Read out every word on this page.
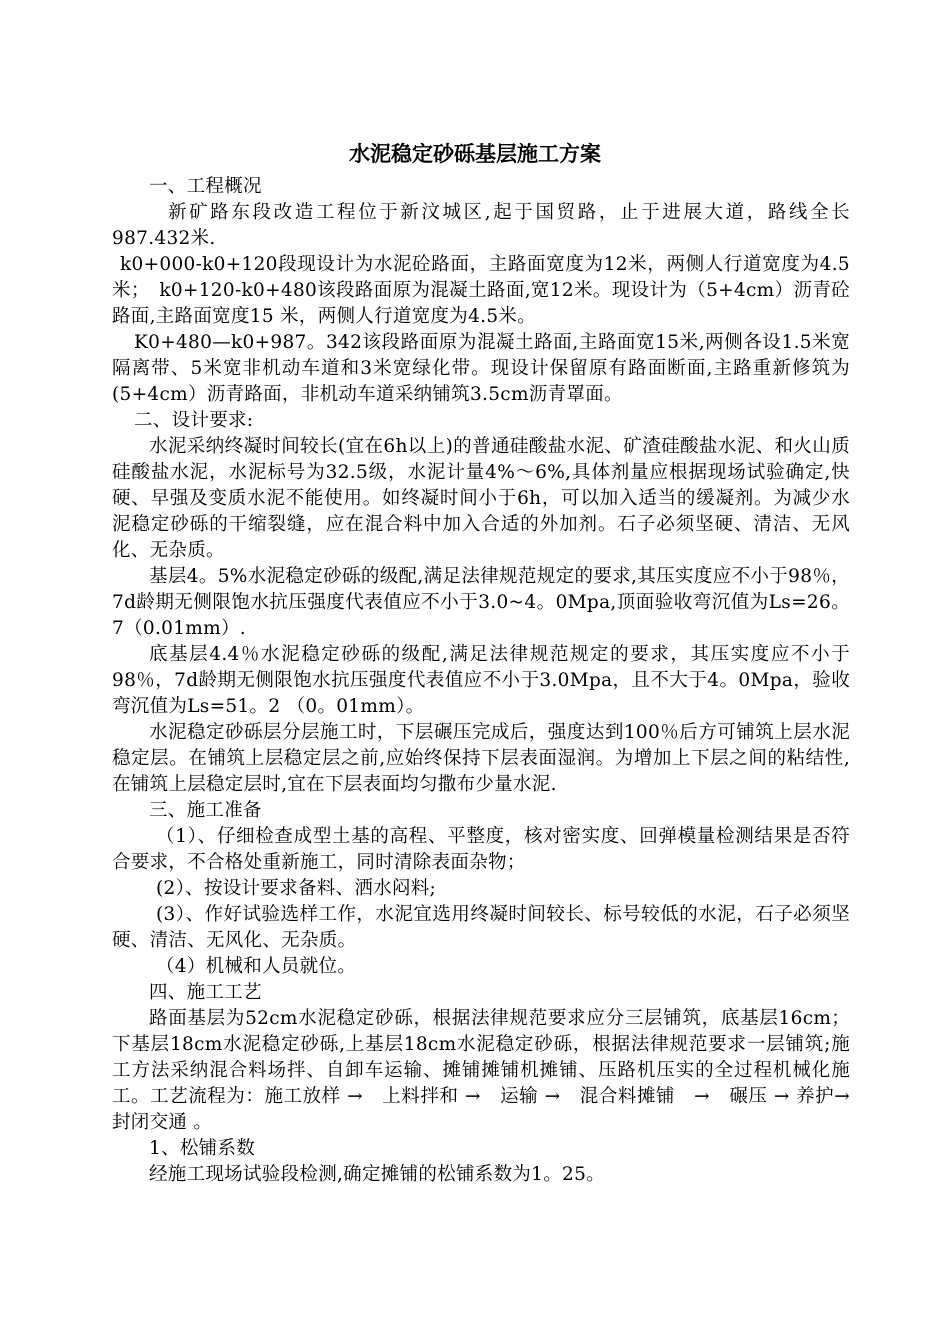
水泥稳定砂砾基层施工方案

一、工程概况

新矿路东段改造工程位于新汶城区,起于国贸路，止于进展大道，路线全长987.432米.

k0+000-k0+120段现设计为水泥砼路面，主路面宽度为12米，两侧人行道宽度为4.5米；　k0+120-k0+480该段路面原为混凝土路面,宽12米。现设计为（5+4cm）沥青砼路面,主路面宽度15 米，两侧人行道宽度为4.5米。

K0+480—k0+987。342该段路面原为混凝土路面,主路面宽15米,两侧各设1.5米宽隔离带、5米宽非机动车道和3米宽绿化带。现设计保留原有路面断面,主路重新修筑为(5+4cm）沥青路面，非机动车道采纳铺筑3.5cm沥青罩面。

二、设计要求:

水泥采纳终凝时间较长(宜在6h以上)的普通硅酸盐水泥、矿渣硅酸盐水泥、和火山质硅酸盐水泥，水泥标号为32.5级，水泥计量4%～6%,具体剂量应根据现场试验确定,快硬、早强及变质水泥不能使用。如终凝时间小于6h，可以加入适当的缓凝剂。为减少水泥稳定砂砾的干缩裂缝，应在混合料中加入合适的外加剂。石子必须坚硬、清洁、无风化、无杂质。

基层4。5%水泥稳定砂砾的级配,满足法律规范规定的要求,其压实度应不小于98％，7d龄期无侧限饱水抗压强度代表值应不小于3.0~4。0Mpa,顶面验收弯沉值为Ls=26。7（0.01mm）.

底基层4.4％水泥稳定砂砾的级配,满足法律规范规定的要求，其压实度应不小于98％，7d龄期无侧限饱水抗压强度代表值应不小于3.0Mpa，且不大于4。0Mpa，验收弯沉值为Ls=51。2 （0。01mm）。

水泥稳定砂砾层分层施工时，下层碾压完成后，强度达到100％后方可铺筑上层水泥稳定层。在铺筑上层稳定层之前,应始终保持下层表面湿润。为增加上下层之间的粘结性,在铺筑上层稳定层时,宜在下层表面均匀撒布少量水泥.

三、施工准备

（1）、仔细检查成型土基的高程、平整度，核对密实度、回弹模量检测结果是否符合要求，不合格处重新施工，同时清除表面杂物；

(2）、按设计要求备料、洒水闷料;

(3）、作好试验选样工作，水泥宜选用终凝时间较长、标号较低的水泥，石子必须坚硬、清洁、无风化、无杂质。

（4）机械和人员就位。

四、施工工艺

路面基层为52cm水泥稳定砂砾，根据法律规范要求应分三层铺筑，底基层16cm；下基层18cm水泥稳定砂砾,上基层18cm水泥稳定砂砾，根据法律规范要求一层铺筑;施工方法采纳混合料场拌、自卸车运输、摊铺摊铺机摊铺、压路机压实的全过程机械化施工。工艺流程为：施工放样 →　上料拌和 →　运输 →　混合料摊铺　→　碾压 → 养护→ 封闭交通 。

1、松铺系数

经施工现场试验段检测,确定摊铺的松铺系数为1。25。
